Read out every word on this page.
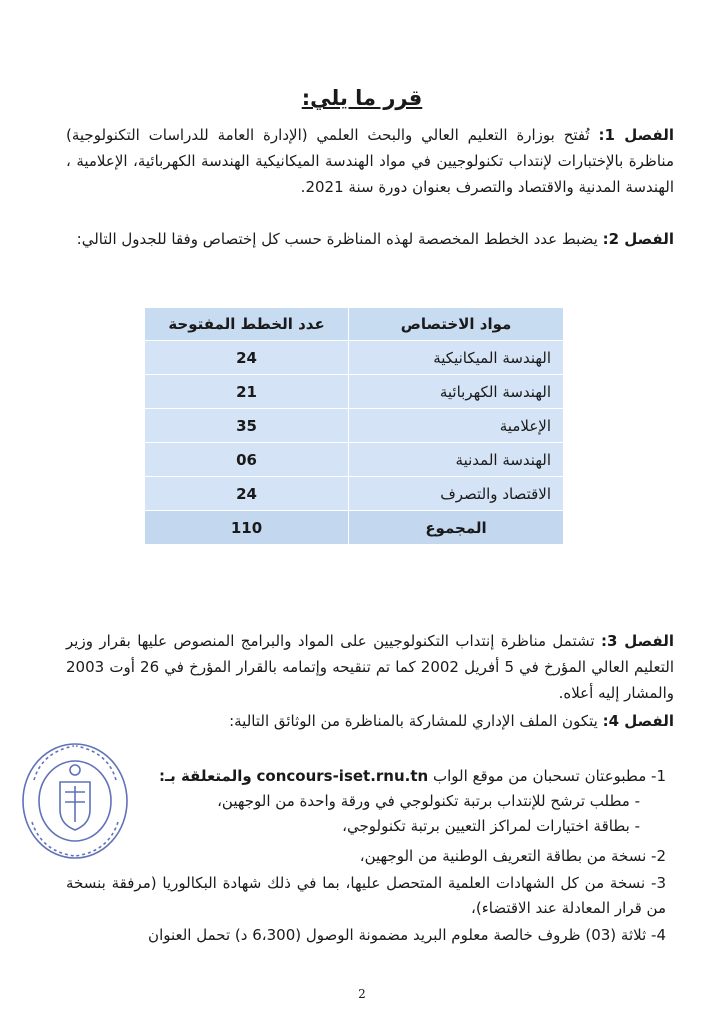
قرر ما يلي:
الفصل 1: تُفتح بوزارة التعليم العالي والبحث العلمي (الإدارة العامة للدراسات التكنولوجية) مناظرة بالإختبارات لإنتداب تكنولوجيين في مواد الهندسة الميكانيكية الهندسة الكهربائية، الإعلامية ، الهندسة المدنية والاقتصاد والتصرف بعنوان دورة سنة 2021.
الفصل 2: يضبط عدد الخطط المخصصة لهذه المناظرة حسب كل إختصاص وفقا للجدول التالي:
مواد الاختصاص	عدد الخطط المفتوحة
الهندسة الميكانيكية	24
الهندسة الكهربائية	21
الإعلامية	35
الهندسة المدنية	06
الاقتصاد والتصرف	24
المجموع	110
الفصل 3: تشتمل مناظرة إنتداب التكنولوجيين على المواد والبرامج المنصوص عليها بقرار وزير التعليم العالي المؤرخ في 5 أفريل 2002 كما تم تنقيحه وإتمامه بالقرار المؤرخ في 26 أوت 2003 والمشار إليه أعلاه.
الفصل 4: يتكون الملف الإداري للمشاركة بالمناظرة من الوثائق التالية:
1- مطبوعتان تسحبان من موقع الواب concours-iset.rnu.tn والمتعلقة بـ:
- مطلب ترشح للإنتداب برتبة تكنولوجي في ورقة واحدة من الوجهين،
- بطاقة اختيارات لمراكز التعيين برتبة تكنولوجي،
2- نسخة من بطاقة التعريف الوطنية من الوجهين،
3- نسخة من كل الشهادات العلمية المتحصل عليها، بما في ذلك شهادة البكالوريا (مرفقة بنسخة من قرار المعادلة عند الاقتضاء)،
4- ثلاثة (03) ظروف خالصة معلوم البريد مضمونة الوصول (6،300 د) تحمل العنوان
2
